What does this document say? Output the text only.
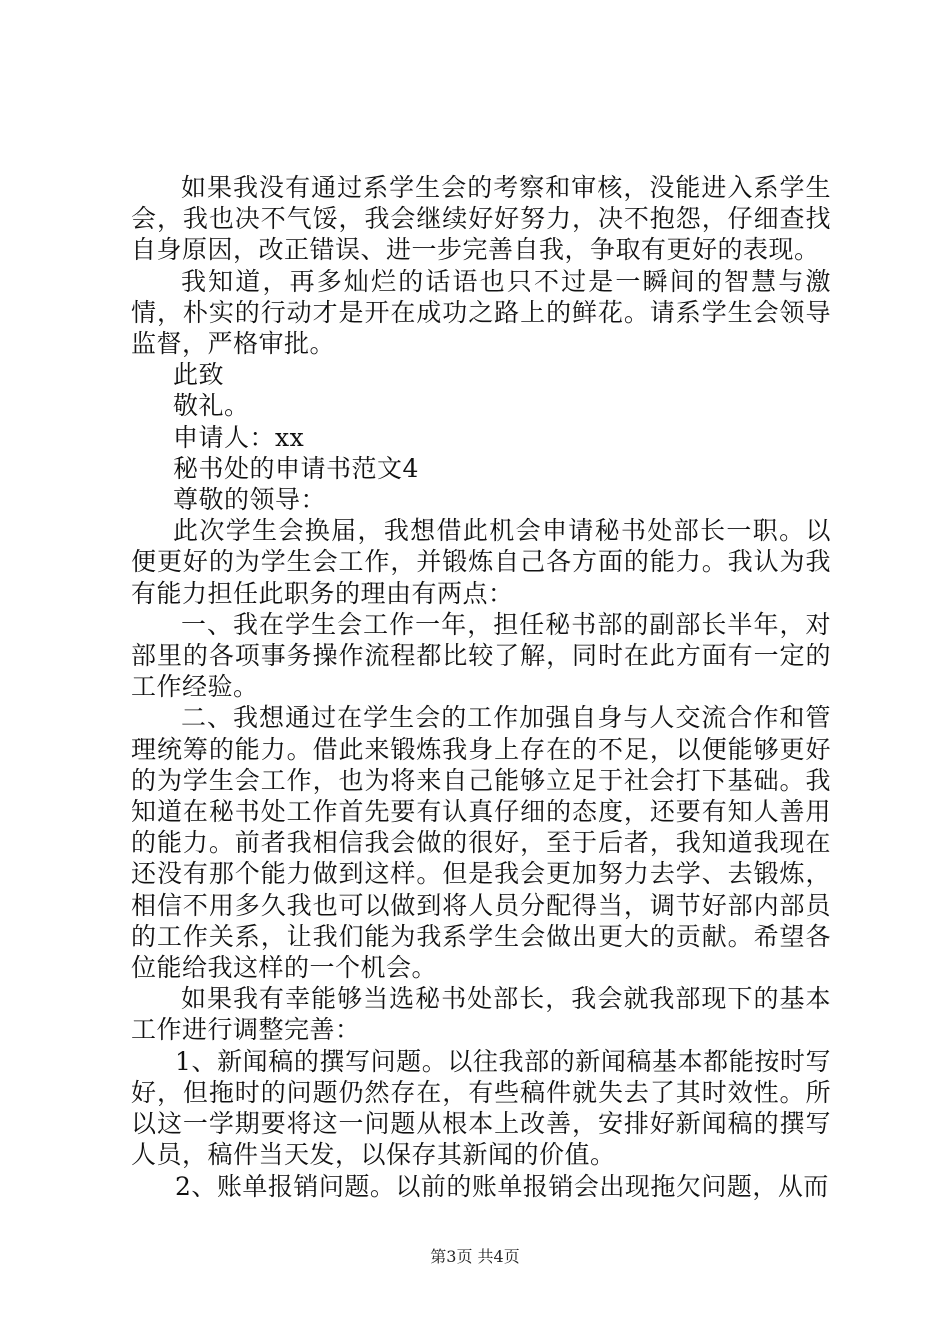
如果我没有通过系学生会的考察和审核，没能进入系学生会，我也决不气馁，我会继续好好努力，决不抱怨，仔细查找自身原因，改正错误、进一步完善自我，争取有更好的表现。

我知道，再多灿烂的话语也只不过是一瞬间的智慧与激情，朴实的行动才是开在成功之路上的鲜花。请系学生会领导监督，严格审批。

此致

敬礼。

申请人：xx

秘书处的申请书范文4

尊敬的领导：

此次学生会换届，我想借此机会申请秘书处部长一职。以便更好的为学生会工作，并锻炼自己各方面的能力。我认为我有能力担任此职务的理由有两点：

一、我在学生会工作一年，担任秘书部的副部长半年，对部里的各项事务操作流程都比较了解，同时在此方面有一定的工作经验。

二、我想通过在学生会的工作加强自身与人交流合作和管理统筹的能力。借此来锻炼我身上存在的不足，以便能够更好的为学生会工作，也为将来自己能够立足于社会打下基础。我知道在秘书处工作首先要有认真仔细的态度，还要有知人善用的能力。前者我相信我会做的很好，至于后者，我知道我现在还没有那个能力做到这样。但是我会更加努力去学、去锻炼，相信不用多久我也可以做到将人员分配得当，调节好部内部员的工作关系，让我们能为我系学生会做出更大的贡献。希望各位能给我这样的一个机会。

如果我有幸能够当选秘书处部长，我会就我部现下的基本工作进行调整完善：

1、新闻稿的撰写问题。以往我部的新闻稿基本都能按时写好，但拖时的问题仍然存在，有些稿件就失去了其时效性。所以这一学期要将这一问题从根本上改善，安排好新闻稿的撰写人员，稿件当天发，以保存其新闻的价值。

2、账单报销问题。以前的账单报销会出现拖欠问题，从而

第3页 共4页
